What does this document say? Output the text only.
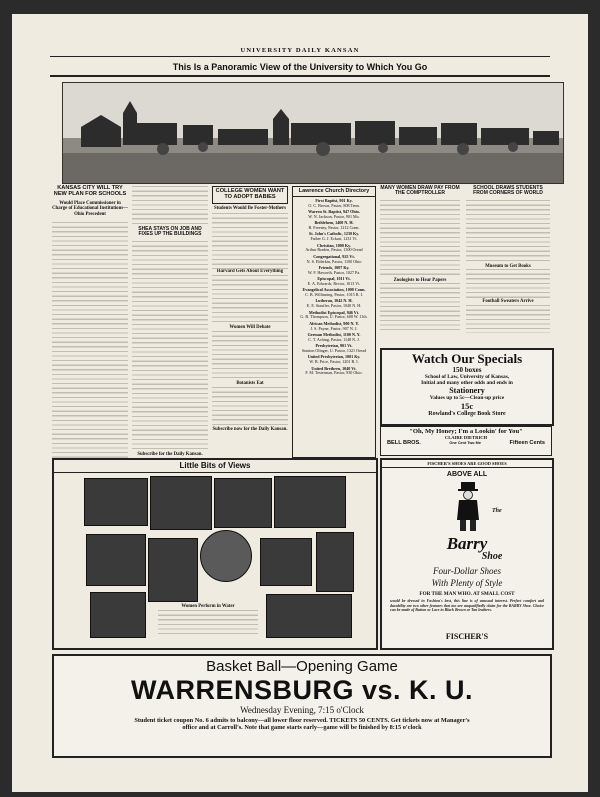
UNIVERSITY DAILY KANSAN
This Is a Panoramic View of the University to Which You Go
KANSAS CITY WILL TRY NEW PLAN FOR SCHOOLS
Would Place Commissioner in Charge of Educational Institutions—Ohio Precedent
SHEA STAYS ON JOB AND FIXES UP THE BUILDINGS
Subscribe for the Daily Kansan.
COLLEGE WOMEN WANT TO ADOPT BABIES
Students Would Be Foster-Mothers
Harvard Gets About Everything
Women Will Debate
Botanists Eat
Subscribe now for the Daily Kansan.
Lawrence Church Directory
First Baptist, 901 Ky.
O. C. Brown, Pastor, 808 Tenn.
Warren St. Baptist, 947 Ohio.
W. N. Jackson, Pastor, 901 Mo.
Bethlehem, 1400 N. H.
B. Freeney, Pastor, 1212 Conn.
St. John's Catholic, 1230 Ky.
Father G. J. Eckart, 1231 Vt.
Christian, 1000 Ky.
Arthur Braden, Pastor, 1300 Oread
Congregational, 925 Vt.
N. S. Elderkin, Pastor, 1100 Ohio
Friends, 1007 Ky.
W. F. Haworth, Pastor, 1027 Pa.
Episcopal, 1011 Vt.
E. A. Edwards, Rector, 1013 Vt.
Evangelical Association, 1000 Conn.
C. B. Wilfinning, Pastor, 1015 R. I.
Lutheran, 1042 N. H.
E. E. Stauffer, Pastor, 1040 N. H.
Methodist Episcopal, 946 Vt.
G. B. Thompson, U. Pastor, 608 W. 11th.
African Methodist, 900 N. Y.
J. S. Payne, Pastor, 907 N. J.
German Methodist, 1100 N. Y.
C. T. Aching, Pastor, 1148 N. J.
Presbyterian, 901 Vt.
Stanton Olinger, U. Pastor, 1321 Oread
United Presbyterian, 1001 Ky.
W. B. Price, Pastor, 1201 R. I.
United Brethren, 1040 Vt.
F. M. Testerman, Pastor, 930 Ohio.
MANY WOMEN DRAW PAY FROM THE COMPTROLLER
Zoologists to Hear Papers
SCHOOL DRAWS STUDENTS FROM CORNERS OF WORLD
Museum to Get Books
Football Sweaters Arrive
Watch Our Specials
150 boxes
School of Law, University of Kansas,
Initial and many other odds and ends in
Stationery
Values up to 5c—Clean-up price
15c
Rowland's College Book Store
"Oh, My Honey; I'm a Lookin' for You"
CLAIRE DIETRICH
BELL BROS.	One Cent Two Me	Fifteen Cents
Little Bits of Views
Women Perform in Water
FISCHER'S SHOES ARE GOOD SHOES
ABOVE ALL
The
Barry
Shoe
Four-Dollar Shoes
With Plenty of Style
FOR THE MAN WHO. AT SMALL COST
would be dressed in Fashion's best, this line is of unusual interest. Perfect comfort and durability are two other features that too are unqualifiedly claim for the BARRY Shoe. Choice can be made of Button or Lace in Black Brown or Tan leathers.
FISCHER'S
Basket Ball—Opening Game
WARRENSBURG vs. K. U.
Wednesday Evening, 7:15 o'Clock
Student ticket coupon No. 6 admits to balcony—all lower floor reserved. TICKETS 50 CENTS. Get tickets now at Manager's
office and at Carroll's. Note that game starts early—game will be finished by 8:15 o'clock
